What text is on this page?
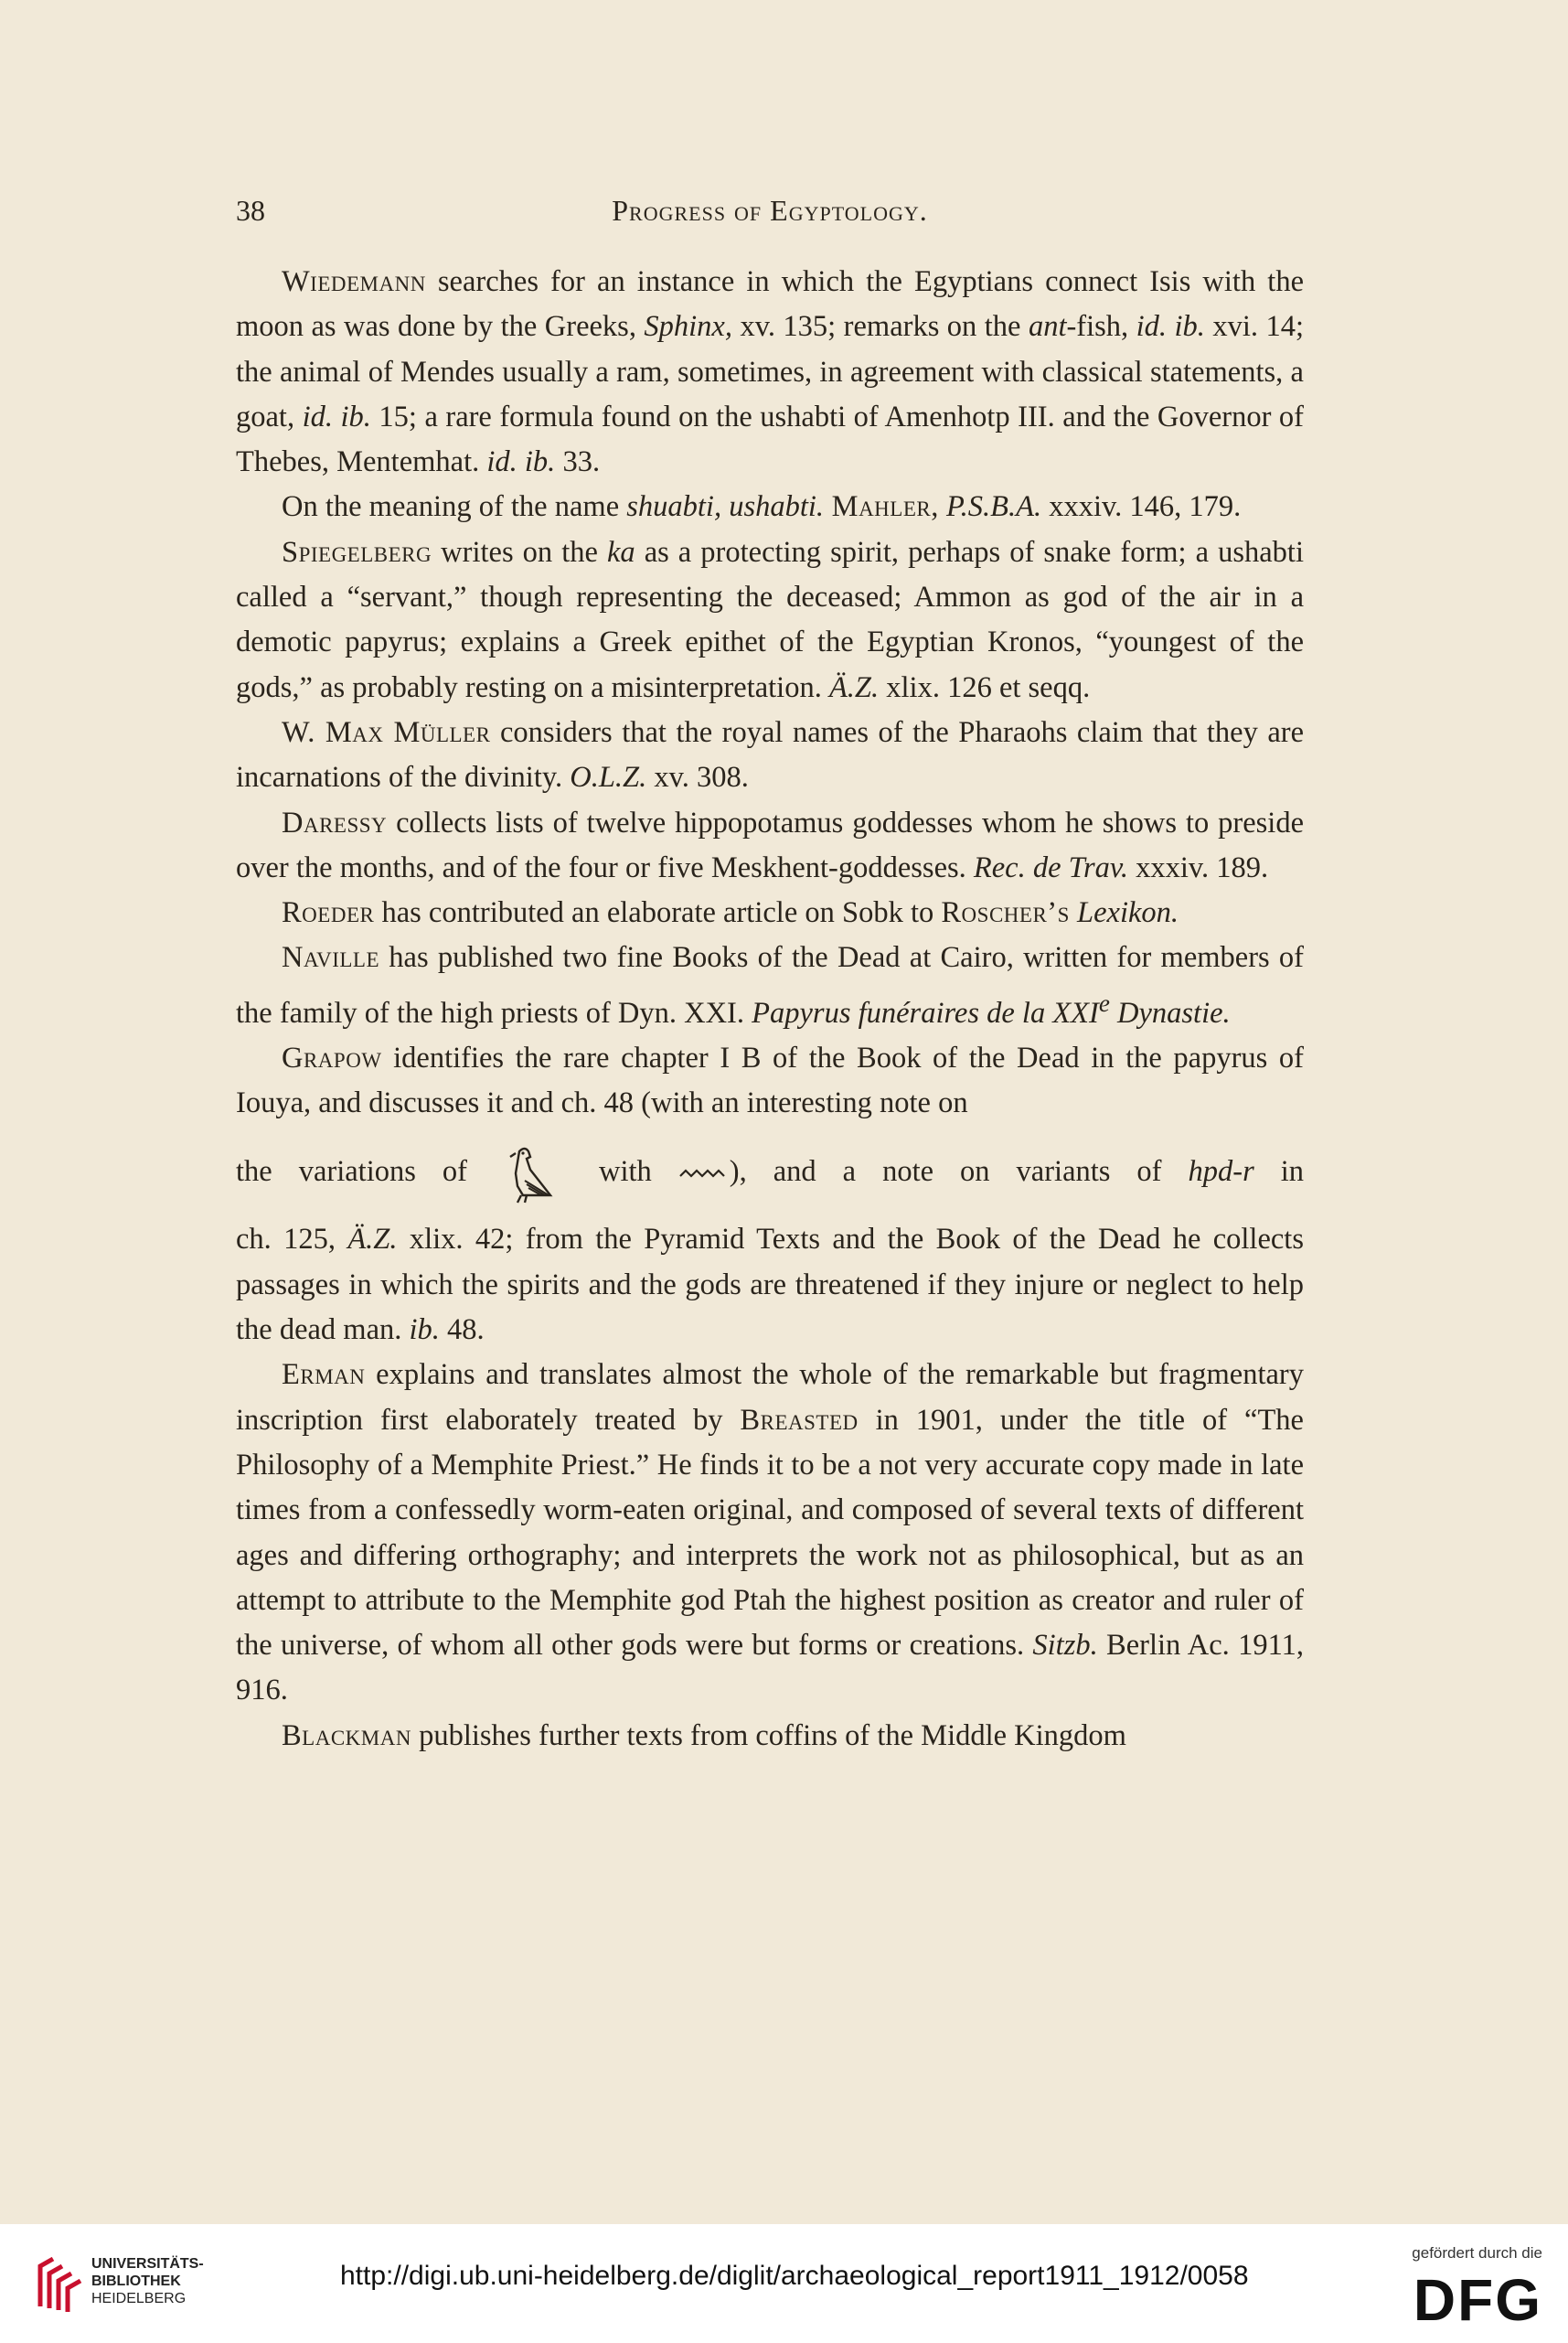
38	Progress of Egyptology.

Wiedemann searches for an instance in which the Egyptians connect Isis with the moon as was done by the Greeks, Sphinx, xv. 135; remarks on the ant-fish, id. ib. xvi. 14; the animal of Mendes usually a ram, sometimes, in agreement with classical statements, a goat, id. ib. 15; a rare formula found on the ushabti of Amenhotp III. and the Governor of Thebes, Mentemhat. id. ib. 33.

On the meaning of the name shuabti, ushabti. Mahler, P.S.B.A. xxxiv. 146, 179.

Spiegelberg writes on the ka as a protecting spirit, perhaps of snake form; a ushabti called a “servant,” though representing the deceased; Ammon as god of the air in a demotic papyrus; explains a Greek epithet of the Egyptian Kronos, “youngest of the gods,” as probably resting on a misinterpretation. Ä.Z. xlix. 126 et seqq.

W. Max Müller considers that the royal names of the Pharaohs claim that they are incarnations of the divinity. O.L.Z. xv. 308.

Daressy collects lists of twelve hippopotamus goddesses whom he shows to preside over the months, and of the four or five Meskhent-goddesses. Rec. de Trav. xxxiv. 189.

Roeder has contributed an elaborate article on Sobk to Roscher’s Lexikon.

Naville has published two fine Books of the Dead at Cairo, written for members of the family of the high priests of Dyn. XXI. Papyrus funéraires de la XXIe Dynastie.

Grapow identifies the rare chapter I B of the Book of the Dead in the papyrus of Iouya, and discusses it and ch. 48 (with an interesting note on

the variations of	with	), and a note on variants of hpd-r in

ch. 125, Ä.Z. xlix. 42; from the Pyramid Texts and the Book of the Dead he collects passages in which the spirits and the gods are threatened if they injure or neglect to help the dead man. ib. 48.

Erman explains and translates almost the whole of the remarkable but fragmentary inscription first elaborately treated by Breasted in 1901, under the title of “The Philosophy of a Memphite Priest.” He finds it to be a not very accurate copy made in late times from a confessedly worm-eaten original, and composed of several texts of different ages and differing orthography; and interprets the work not as philosophical, but as an attempt to attribute to the Memphite god Ptah the highest position as creator and ruler of the universe, of whom all other gods were but forms or creations. Sitzb. Berlin Ac. 1911, 916.

Blackman publishes further texts from coffins of the Middle Kingdom

UNIVERSITÄTS-
BIBLIOTHEK
HEIDELBERG
http://digi.ub.uni-heidelberg.de/diglit/archaeological_report1911_1912/0058
gefördert durch die
DFG
